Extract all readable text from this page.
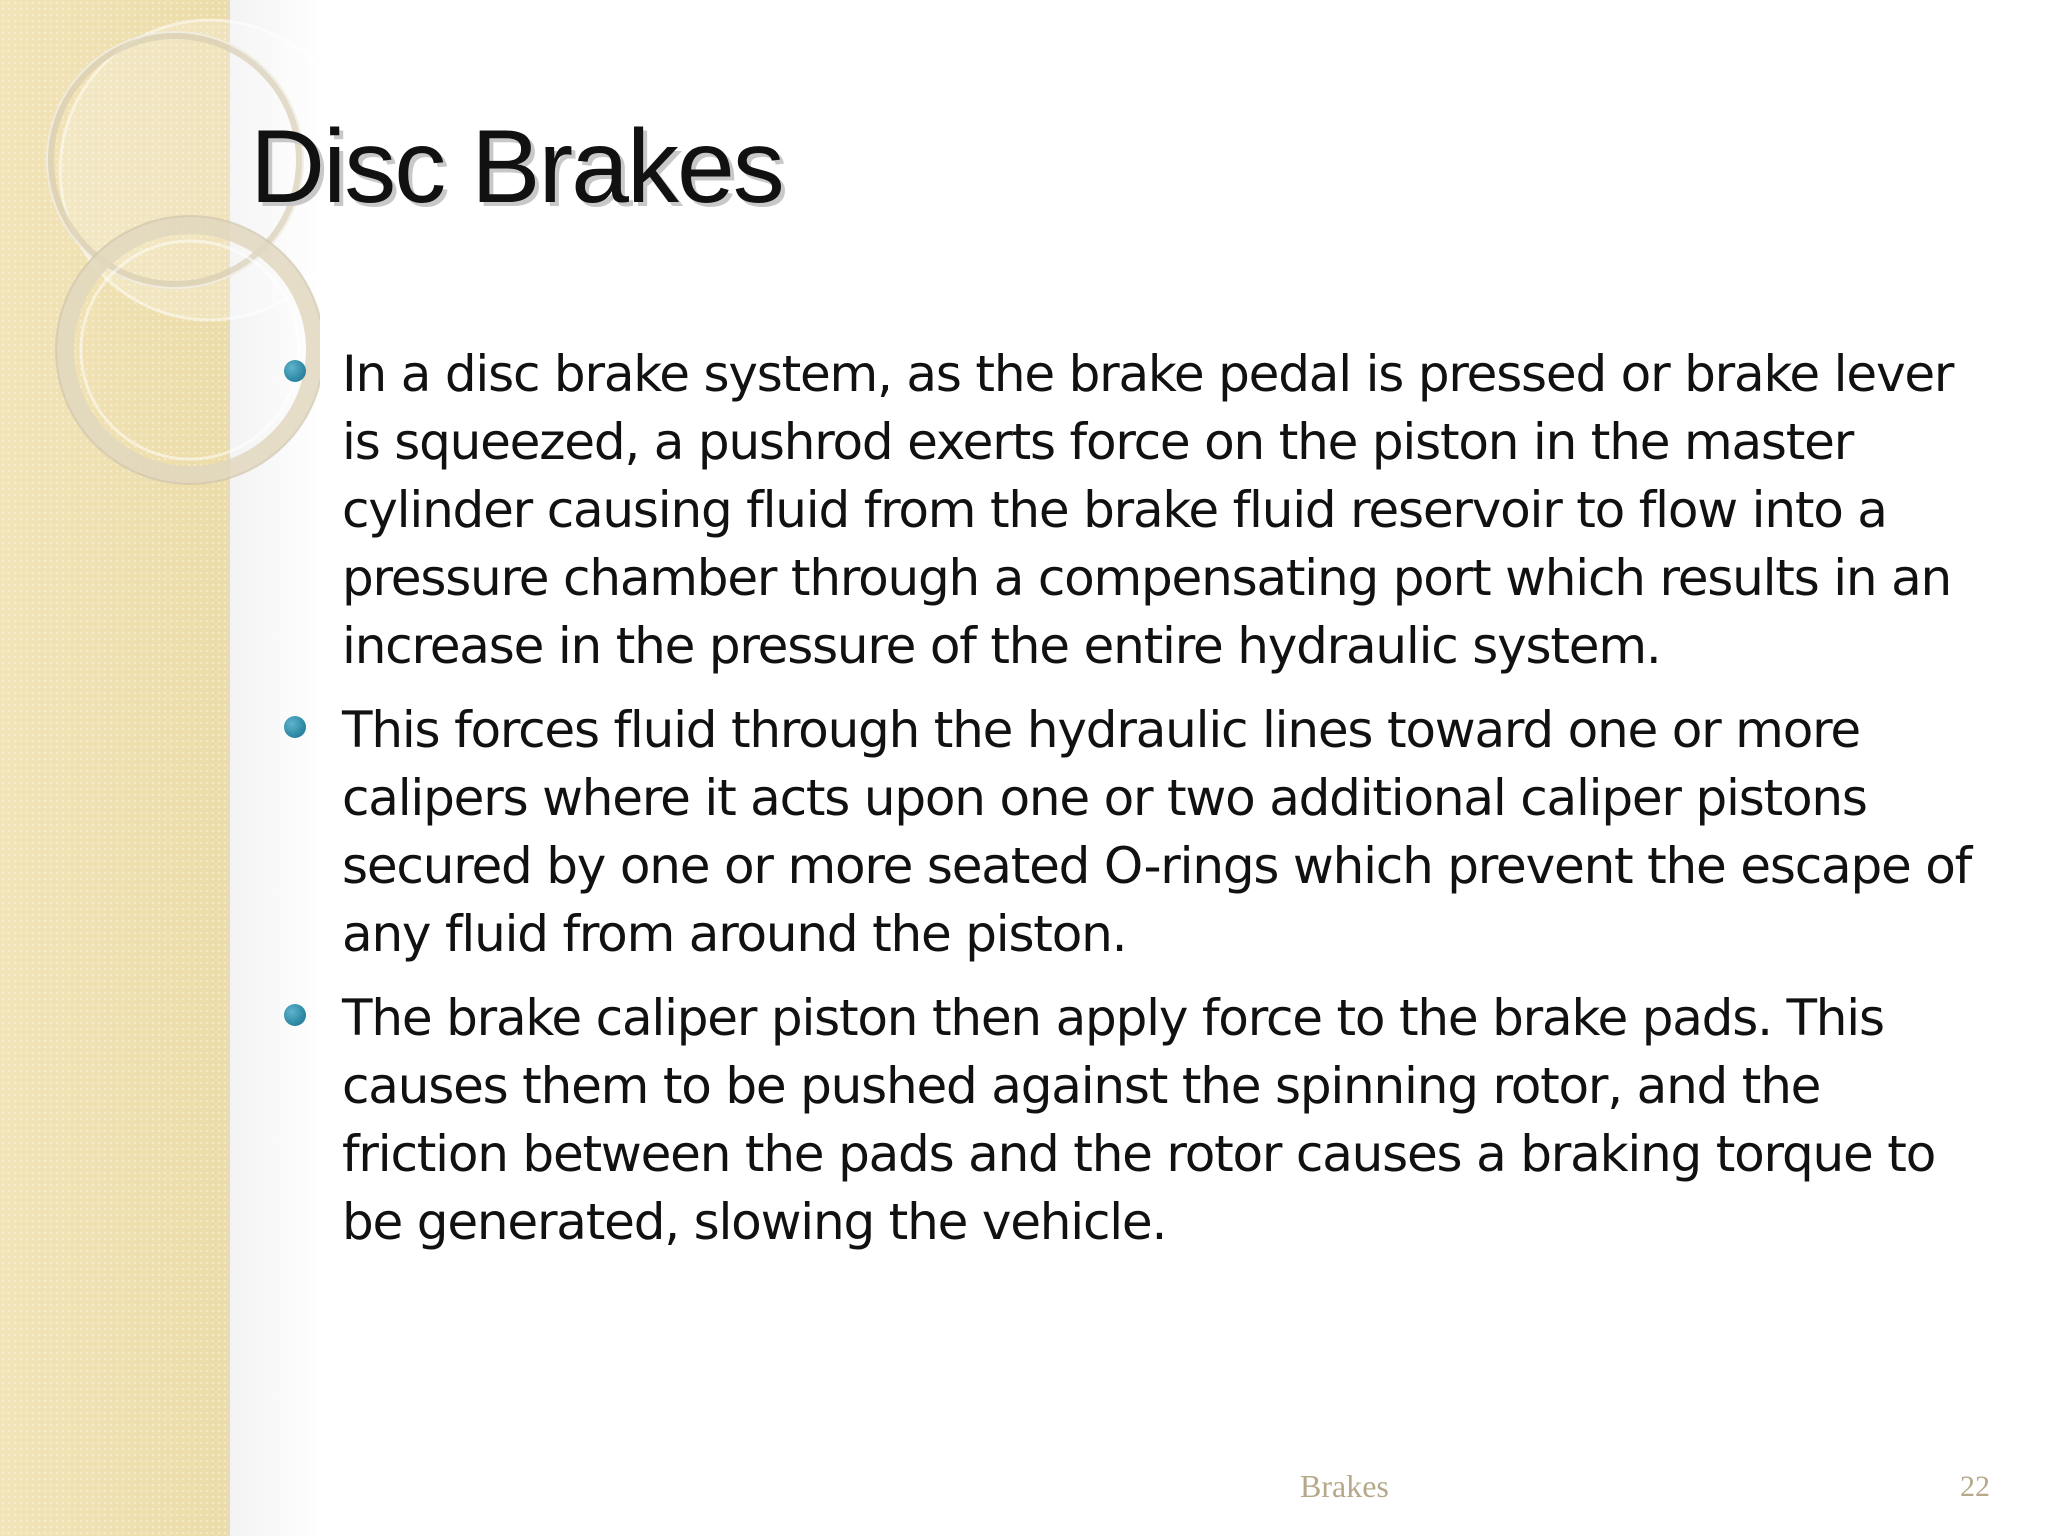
Disc Brakes
In a disc brake system, as the brake pedal is pressed or brake lever is squeezed, a pushrod exerts force on the piston in the master cylinder causing fluid from the brake fluid reservoir to flow into a pressure chamber through a compensating port which results in an increase in the pressure of the entire hydraulic system.
This forces fluid through the hydraulic lines toward one or more calipers where it acts upon one or two additional caliper pistons secured by one or more seated O-rings which prevent the escape of any fluid from around the piston.
The brake caliper piston then apply force to the brake pads. This causes them to be pushed against the spinning rotor, and the friction between the pads and the rotor causes a braking torque to be generated, slowing the vehicle.
Brakes	22
